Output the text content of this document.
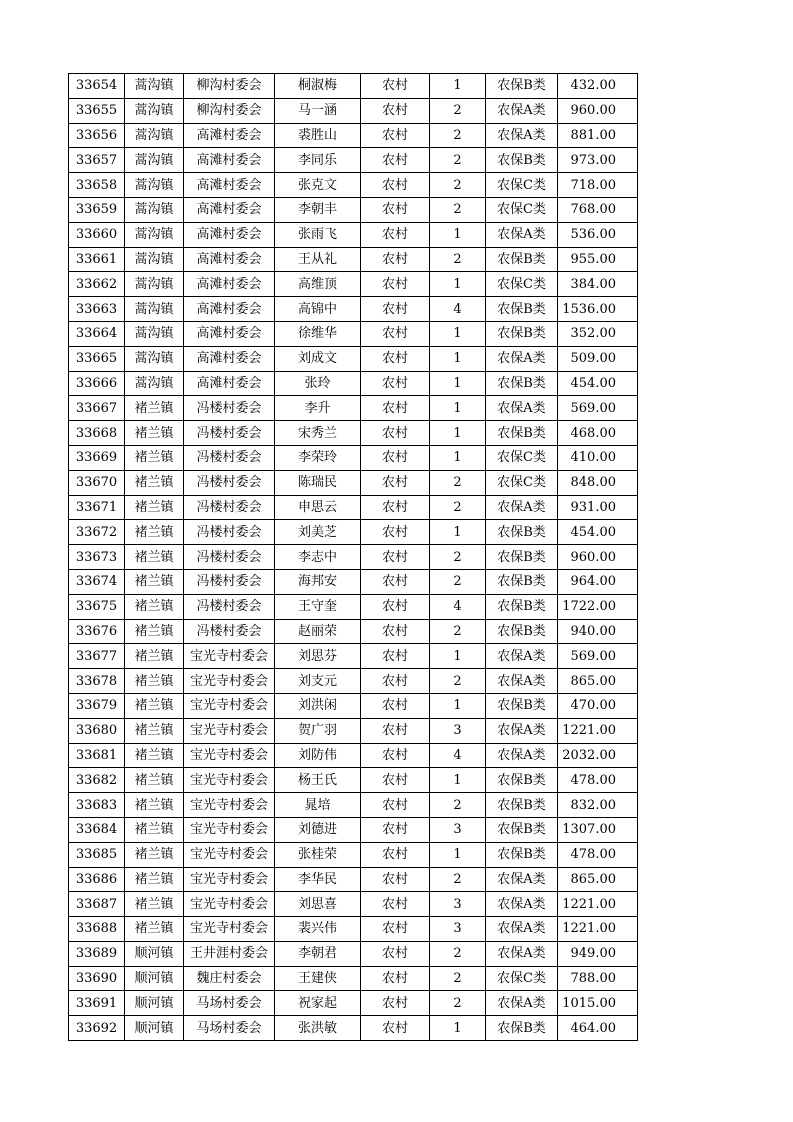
33654	蒿沟镇	柳沟村委会	桐淑梅	农村	1	农保B类	432.00
33655	蒿沟镇	柳沟村委会	马一涵	农村	2	农保A类	960.00
33656	蒿沟镇	高滩村委会	裘胜山	农村	2	农保A类	881.00
33657	蒿沟镇	高滩村委会	李同乐	农村	2	农保B类	973.00
33658	蒿沟镇	高滩村委会	张克文	农村	2	农保C类	718.00
33659	蒿沟镇	高滩村委会	李朝丰	农村	2	农保C类	768.00
33660	蒿沟镇	高滩村委会	张雨飞	农村	1	农保A类	536.00
33661	蒿沟镇	高滩村委会	王从礼	农村	2	农保B类	955.00
33662	蒿沟镇	高滩村委会	高维顶	农村	1	农保C类	384.00
33663	蒿沟镇	高滩村委会	高锦中	农村	4	农保B类	1536.00
33664	蒿沟镇	高滩村委会	徐维华	农村	1	农保B类	352.00
33665	蒿沟镇	高滩村委会	刘成文	农村	1	农保A类	509.00
33666	蒿沟镇	高滩村委会	张玲	农村	1	农保B类	454.00
33667	褚兰镇	冯楼村委会	李升	农村	1	农保A类	569.00
33668	褚兰镇	冯楼村委会	宋秀兰	农村	1	农保B类	468.00
33669	褚兰镇	冯楼村委会	李荣玲	农村	1	农保C类	410.00
33670	褚兰镇	冯楼村委会	陈瑞民	农村	2	农保C类	848.00
33671	褚兰镇	冯楼村委会	申思云	农村	2	农保A类	931.00
33672	褚兰镇	冯楼村委会	刘美芝	农村	1	农保B类	454.00
33673	褚兰镇	冯楼村委会	李志中	农村	2	农保B类	960.00
33674	褚兰镇	冯楼村委会	海邦安	农村	2	农保B类	964.00
33675	褚兰镇	冯楼村委会	王守奎	农村	4	农保B类	1722.00
33676	褚兰镇	冯楼村委会	赵丽荣	农村	2	农保B类	940.00
33677	褚兰镇	宝光寺村委会	刘思芬	农村	1	农保A类	569.00
33678	褚兰镇	宝光寺村委会	刘支元	农村	2	农保A类	865.00
33679	褚兰镇	宝光寺村委会	刘洪闲	农村	1	农保B类	470.00
33680	褚兰镇	宝光寺村委会	贺广羽	农村	3	农保A类	1221.00
33681	褚兰镇	宝光寺村委会	刘防伟	农村	4	农保A类	2032.00
33682	褚兰镇	宝光寺村委会	杨王氏	农村	1	农保B类	478.00
33683	褚兰镇	宝光寺村委会	晁培	农村	2	农保B类	832.00
33684	褚兰镇	宝光寺村委会	刘德进	农村	3	农保B类	1307.00
33685	褚兰镇	宝光寺村委会	张桂荣	农村	1	农保B类	478.00
33686	褚兰镇	宝光寺村委会	李华民	农村	2	农保A类	865.00
33687	褚兰镇	宝光寺村委会	刘思喜	农村	3	农保A类	1221.00
33688	褚兰镇	宝光寺村委会	裴兴伟	农村	3	农保A类	1221.00
33689	顺河镇	王井涯村委会	李朝君	农村	2	农保A类	949.00
33690	顺河镇	魏庄村委会	王建侠	农村	2	农保C类	788.00
33691	顺河镇	马场村委会	祝家起	农村	2	农保A类	1015.00
33692	顺河镇	马场村委会	张洪敏	农村	1	农保B类	464.00
